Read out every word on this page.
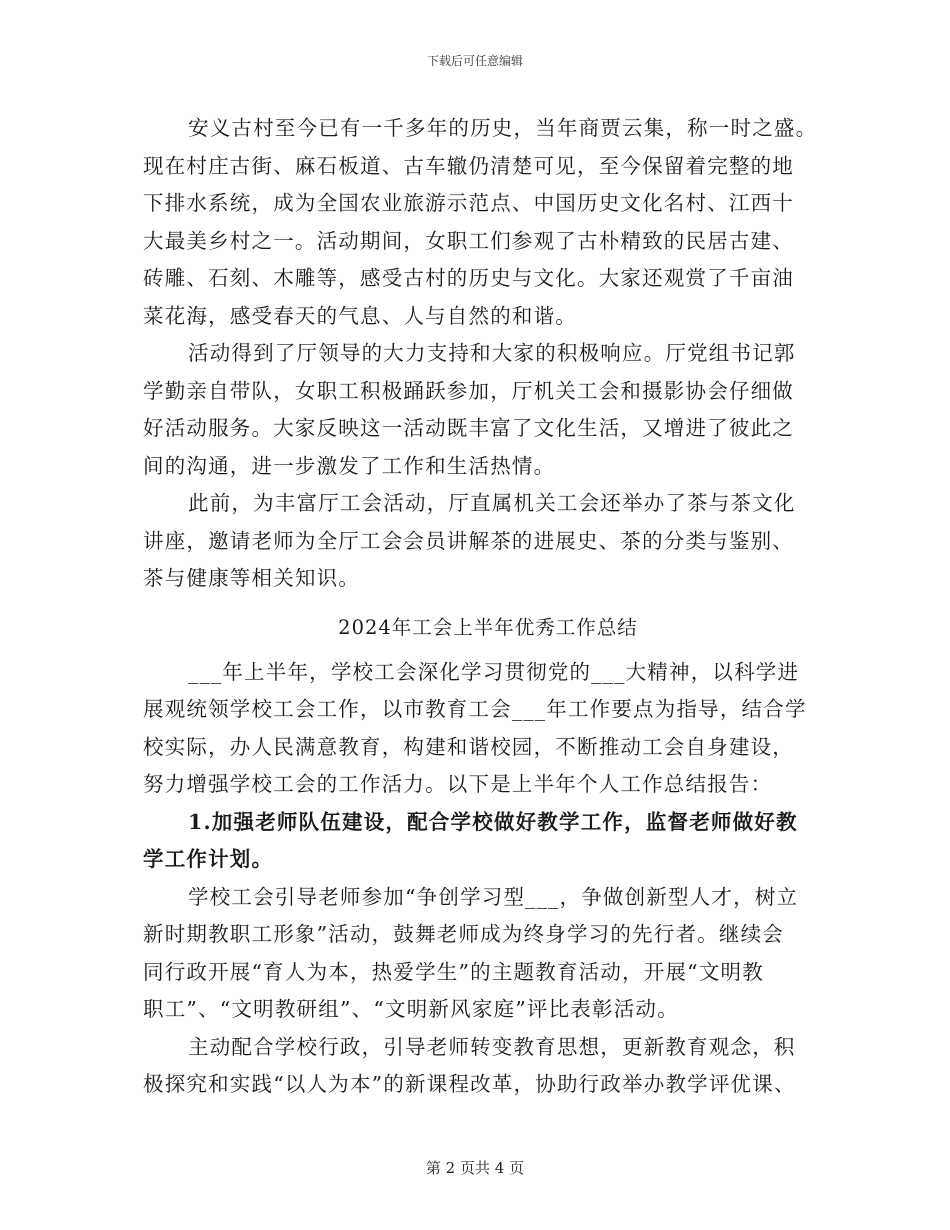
下载后可任意编辑
安义古村至今已有一千多年的历史，当年商贾云集，称一时之盛。
现在村庄古街、麻石板道、古车辙仍清楚可见，至今保留着完整的地
下排水系统，成为全国农业旅游示范点、中国历史文化名村、江西十
大最美乡村之一。活动期间，女职工们参观了古朴精致的民居古建、
砖雕、石刻、木雕等，感受古村的历史与文化。大家还观赏了千亩油
菜花海，感受春天的气息、人与自然的和谐。
活动得到了厅领导的大力支持和大家的积极响应。厅党组书记郭
学勤亲自带队，女职工积极踊跃参加，厅机关工会和摄影协会仔细做
好活动服务。大家反映这一活动既丰富了文化生活，又增进了彼此之
间的沟通，进一步激发了工作和生活热情。
此前，为丰富厅工会活动，厅直属机关工会还举办了茶与茶文化
讲座，邀请老师为全厅工会会员讲解茶的进展史、茶的分类与鉴别、
茶与健康等相关知识。
2024年工会上半年优秀工作总结
___年上半年，学校工会深化学习贯彻党的___大精神，以科学进
展观统领学校工会工作，以市教育工会___年工作要点为指导，结合学
校实际，办人民满意教育，构建和谐校园，不断推动工会自身建设，
努力增强学校工会的工作活力。以下是上半年个人工作总结报告：
1.加强老师队伍建设，配合学校做好教学工作，监督老师做好教
学工作计划。
学校工会引导老师参加“争创学习型___，争做创新型人才，树立
新时期教职工形象”活动，鼓舞老师成为终身学习的先行者。继续会
同行政开展“育人为本，热爱学生”的主题教育活动，开展“文明教
职工”、“文明教研组”、“文明新风家庭”评比表彰活动。
主动配合学校行政，引导老师转变教育思想，更新教育观念，积
极探究和实践“以人为本”的新课程改革，协助行政举办教学评优课、
第 2 页共 4 页
